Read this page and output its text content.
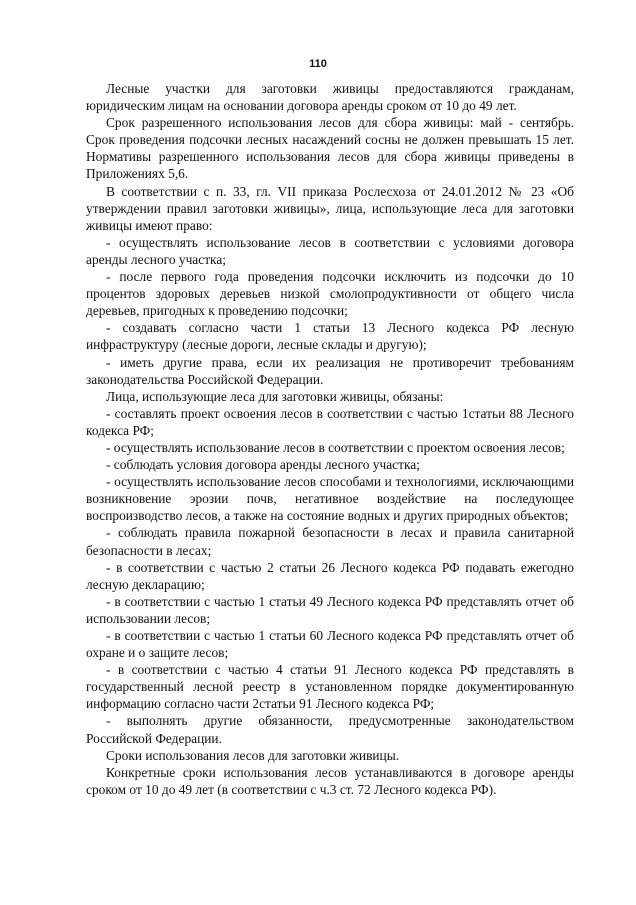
110

Лесные участки для заготовки живицы предоставляются гражданам, юридическим лицам на основании договора аренды сроком от 10 до 49 лет.

Срок разрешенного использования лесов для сбора живицы: май - сентябрь. Срок проведения подсочки лесных насаждений сосны не должен превышать 15 лет. Нормативы разрешенного использования лесов для сбора живицы приведены в Приложениях 5,6.

В соответствии с п. 33, гл. VII приказа Рослесхоза от 24.01.2012 № 23 «Об утверждении правил заготовки живицы», лица, использующие леса для заготовки живицы имеют право:

- осуществлять использование лесов в соответствии с условиями договора аренды лесного участка;

- после первого года проведения подсочки исключить из подсочки до 10 процентов здоровых деревьев низкой смолопродуктивности от общего числа деревьев, пригодных к проведению подсочки;

- создавать согласно части 1 статьи 13 Лесного кодекса РФ лесную инфраструктуру (лесные дороги, лесные склады и другую);

- иметь другие права, если их реализация не противоречит требованиям законодательства Российской Федерации.

Лица, использующие леса для заготовки живицы, обязаны:

- составлять проект освоения лесов в соответствии с частью 1статьи 88 Лесного кодекса РФ;

- осуществлять использование лесов в соответствии с проектом освоения лесов;

- соблюдать условия договора аренды лесного участка;

- осуществлять использование лесов способами и технологиями, исключающими возникновение эрозии почв, негативное воздействие на последующее воспроизводство лесов, а также на состояние водных и других природных объектов;

- соблюдать правила пожарной безопасности в лесах и правила санитарной безопасности в лесах;

- в соответствии с частью 2 статьи 26 Лесного кодекса РФ подавать ежегодно лесную декларацию;

- в соответствии с частью 1 статьи 49 Лесного кодекса РФ представлять отчет об использовании лесов;

- в соответствии с частью 1 статьи 60 Лесного кодекса РФ представлять отчет об охране и о защите лесов;

- в соответствии с частью 4 статьи 91 Лесного кодекса РФ представлять в государственный лесной реестр в установленном порядке документированную информацию согласно части 2статьи 91 Лесного кодекса РФ;

- выполнять другие обязанности, предусмотренные законодательством Российской Федерации.

Сроки использования лесов для заготовки живицы.

Конкретные сроки использования лесов устанавливаются в договоре аренды сроком от 10 до 49 лет (в соответствии с ч.3 ст. 72 Лесного кодекса РФ).
